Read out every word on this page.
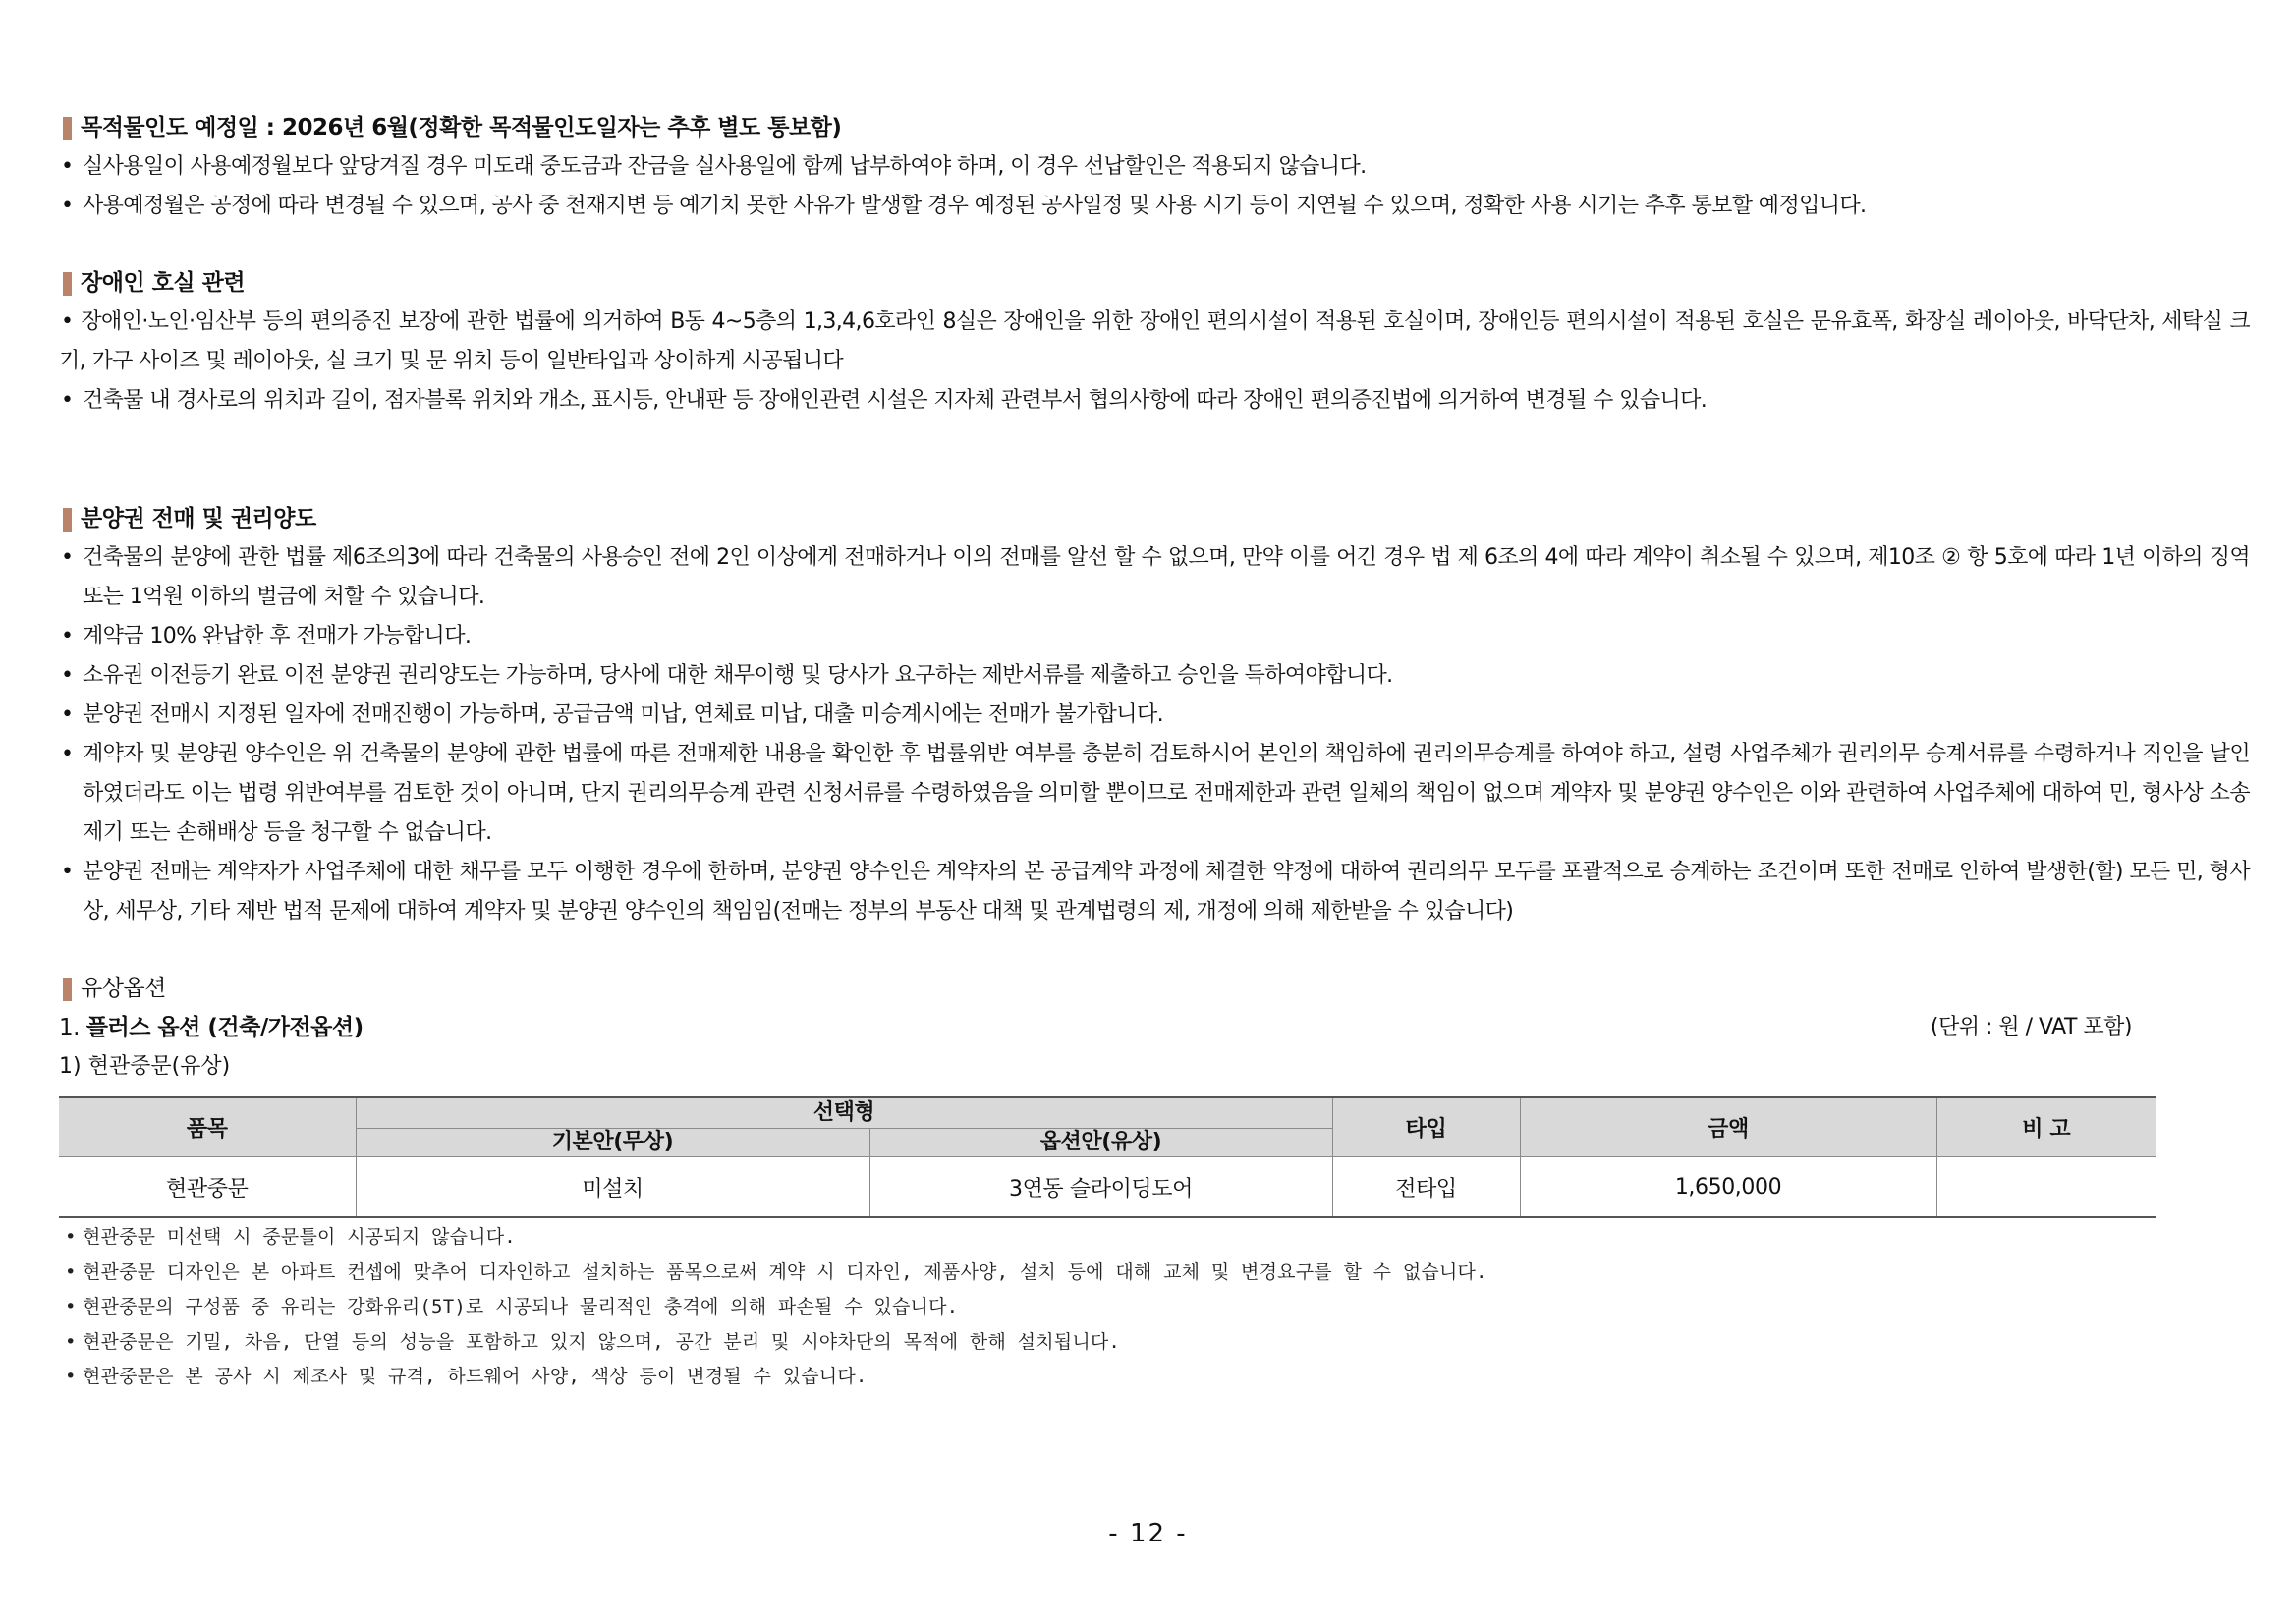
목적물인도 예정일 : 2026년 6월(정확한 목적물인도일자는 추후 별도 통보함)
• 실사용일이 사용예정월보다 앞당겨질 경우 미도래 중도금과 잔금을 실사용일에 함께 납부하여야 하며, 이 경우 선납할인은 적용되지 않습니다.
• 사용예정월은 공정에 따라 변경될 수 있으며, 공사 중 천재지변 등 예기치 못한 사유가 발생할 경우 예정된 공사일정 및 사용 시기 등이 지연될 수 있으며, 정확한 사용 시기는 추후 통보할 예정입니다.
장애인 호실 관련
• 장애인·노인·임산부 등의 편의증진 보장에 관한 법률에 의거하여 B동 4~5층의 1,3,4,6호라인 8실은 장애인을 위한 장애인 편의시설이 적용된 호실이며, 장애인등 편의시설이 적용된 호실은 문유효폭, 화장실 레이아웃, 바닥단차, 세탁실 크기, 가구 사이즈 및 레이아웃, 실 크기 및 문 위치 등이 일반타입과 상이하게 시공됩니다
• 건축물 내 경사로의 위치과 길이, 점자블록 위치와 개소, 표시등, 안내판 등 장애인관련 시설은 지자체 관련부서 협의사항에 따라 장애인 편의증진법에 의거하여 변경될 수 있습니다.
분양권 전매 및 권리양도
• 건축물의 분양에 관한 법률 제6조의3에 따라 건축물의 사용승인 전에 2인 이상에게 전매하거나 이의 전매를 알선 할 수 없으며, 만약 이를 어긴 경우 법 제 6조의 4에 따라 계약이 취소될 수 있으며, 제10조 ② 항 5호에 따라 1년 이하의 징역 또는 1억원 이하의 벌금에 처할 수 있습니다.
• 계약금 10% 완납한 후 전매가 가능합니다.
• 소유권 이전등기 완료 이전 분양권 권리양도는 가능하며, 당사에 대한 채무이행 및 당사가 요구하는 제반서류를 제출하고 승인을 득하여야합니다.
• 분양권 전매시 지정된 일자에 전매진행이 가능하며, 공급금액 미납, 연체료 미납, 대출 미승계시에는 전매가 불가합니다.
• 계약자 및 분양권 양수인은 위 건축물의 분양에 관한 법률에 따른 전매제한 내용을 확인한 후 법률위반 여부를 충분히 검토하시어 본인의 책임하에 권리의무승계를 하여야 하고, 설령 사업주체가 권리의무 승계서류를 수령하거나 직인을 날인하였더라도 이는 법령 위반여부를 검토한 것이 아니며, 단지 권리의무승계 관련 신청서류를 수령하였음을 의미할 뿐이므로 전매제한과 관련 일체의 책임이 없으며 계약자 및 분양권 양수인은 이와 관련하여 사업주체에 대하여 민, 형사상 소송제기 또는 손해배상 등을 청구할 수 없습니다.
• 분양권 전매는 계약자가 사업주체에 대한 채무를 모두 이행한 경우에 한하며, 분양권 양수인은 계약자의 본 공급계약 과정에 체결한 약정에 대하여 권리의무 모두를 포괄적으로 승계하는 조건이며 또한 전매로 인하여 발생한(할) 모든 민, 형사상, 세무상, 기타 제반 법적 문제에 대하여 계약자 및 분양권 양수인의 책임임(전매는 정부의 부동산 대책 및 관계법령의 제, 개정에 의해 제한받을 수 있습니다)
유상옵션
1. 플러스 옵션 (건축/가전옵션)	(단위 : 원 / VAT 포함)
1) 현관중문(유상)
품목	선택형		타입	금액	비 고
	기본안(무상)	옵션안(유상)			
현관중문	미설치	3연동 슬라이딩도어	전타입	1,650,000	
• 현관중문 미선택 시 중문틀이 시공되지 않습니다.
• 현관중문 디자인은 본 아파트 컨셉에 맞추어 디자인하고 설치하는 품목으로써 계약 시 디자인, 제품사양, 설치 등에 대해 교체 및 변경요구를 할 수 없습니다.
• 현관중문의 구성품 중 유리는 강화유리(5T)로 시공되나 물리적인 충격에 의해 파손될 수 있습니다.
• 현관중문은 기밀, 차음, 단열 등의 성능을 포함하고 있지 않으며, 공간 분리 및 시야차단의 목적에 한해 설치됩니다.
• 현관중문은 본 공사 시 제조사 및 규격, 하드웨어 사양, 색상 등이 변경될 수 있습니다.
- 12 -
